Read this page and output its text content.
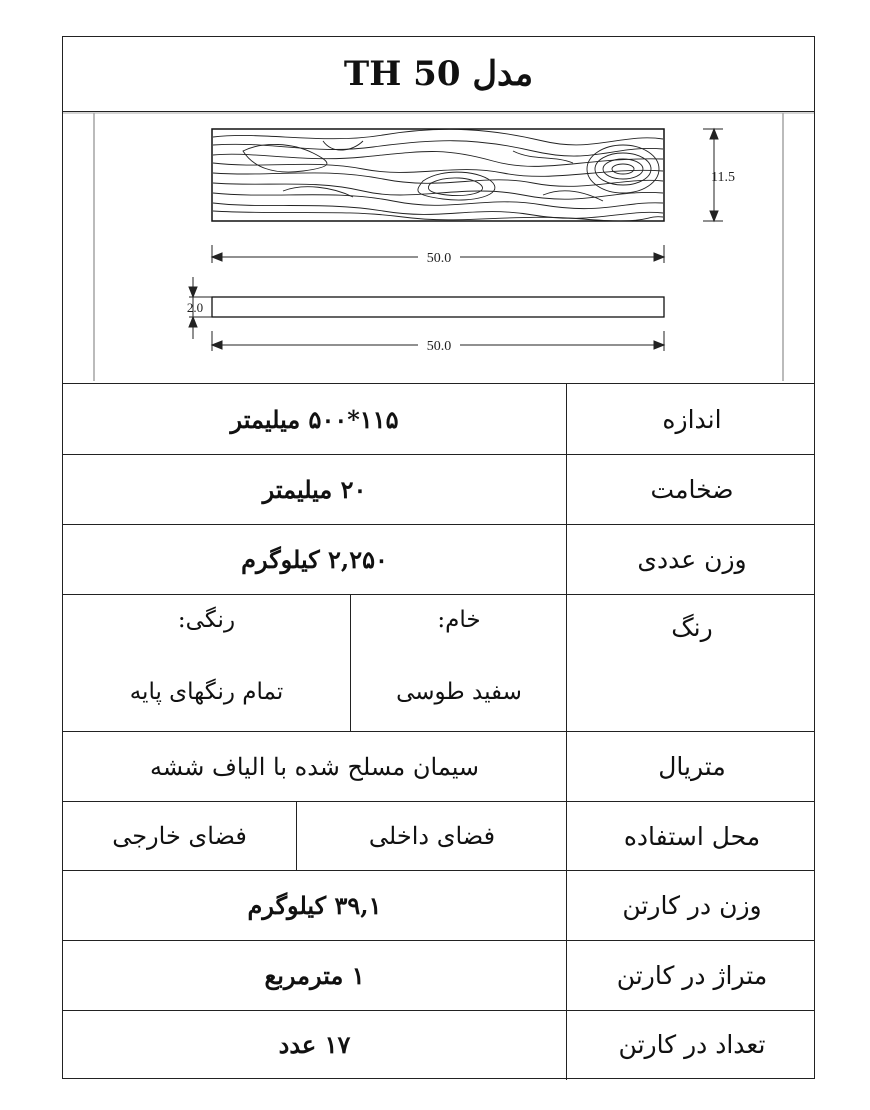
مدل TH 50
11.5
50.0
2.0
50.0
اندازه
۱۱۵*۵۰۰ میلیمتر
ضخامت
۲۰ میلیمتر
وزن عددی
۲,۲۵۰ کیلوگرم
رنگ
خام:
سفید طوسی
رنگی:
تمام رنگهای پایه
متریال
سیمان مسلح شده با الیاف ششه
محل استفاده
فضای داخلی
فضای خارجی
وزن در کارتن
۳۹,۱ کیلوگرم
متراژ در کارتن
۱ مترمربع
تعداد در کارتن
۱۷ عدد
